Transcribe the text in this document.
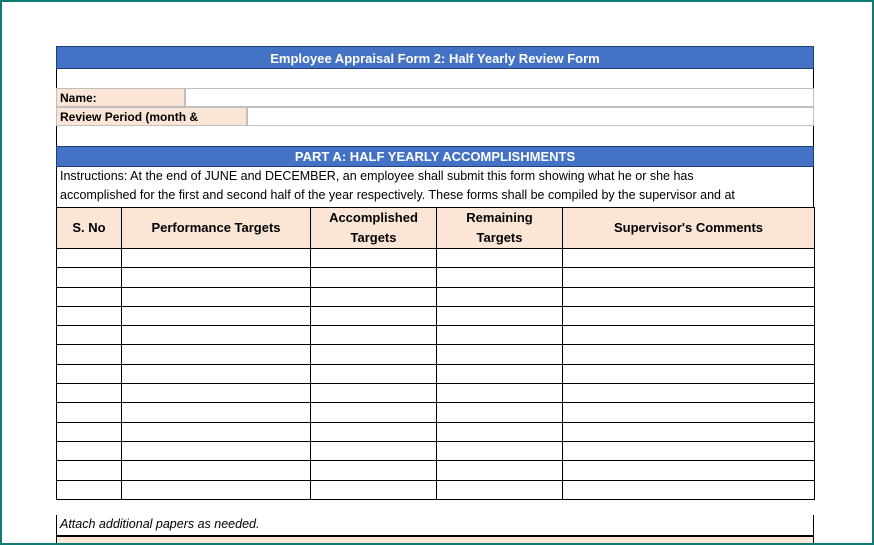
Employee Appraisal Form 2: Half Yearly Review Form
Name:
Review Period (month &
PART A: HALF YEARLY ACCOMPLISHMENTS
Instructions: At the end of JUNE and DECEMBER, an employee shall submit this form showing what he or she has
accomplished for the first and second half of the year respectively. These forms shall be compiled by the supervisor and at
S. No	Performance Targets	Accomplished Targets	Remaining Targets	Supervisor's Comments

Attach additional papers as needed.
